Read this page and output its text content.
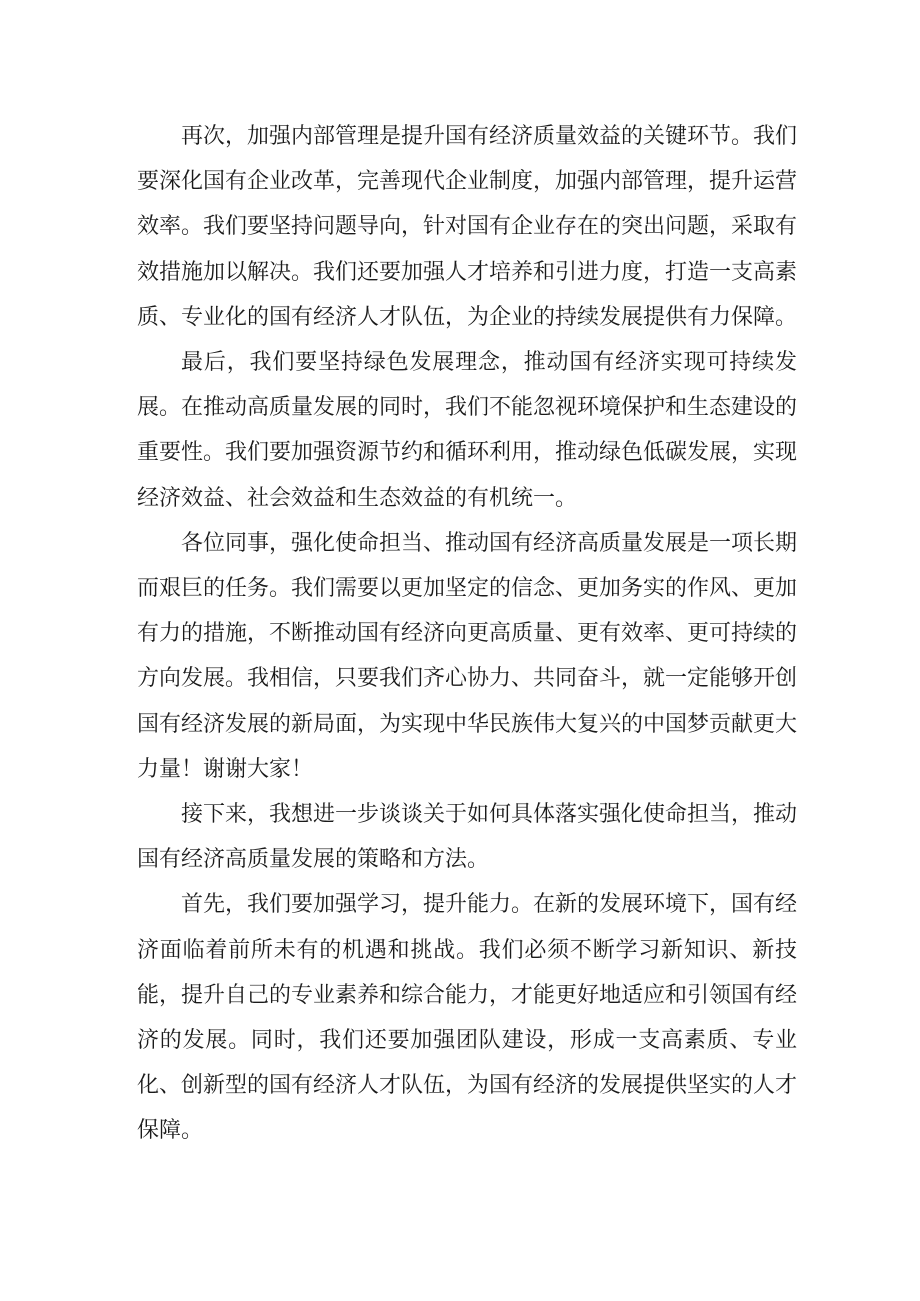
再次，加强内部管理是提升国有经济质量效益的关键环节。我们要深化国有企业改革，完善现代企业制度，加强内部管理，提升运营效率。我们要坚持问题导向，针对国有企业存在的突出问题，采取有效措施加以解决。我们还要加强人才培养和引进力度，打造一支高素质、专业化的国有经济人才队伍，为企业的持续发展提供有力保障。

最后，我们要坚持绿色发展理念，推动国有经济实现可持续发展。在推动高质量发展的同时，我们不能忽视环境保护和生态建设的重要性。我们要加强资源节约和循环利用，推动绿色低碳发展，实现经济效益、社会效益和生态效益的有机统一。

各位同事，强化使命担当、推动国有经济高质量发展是一项长期而艰巨的任务。我们需要以更加坚定的信念、更加务实的作风、更加有力的措施，不断推动国有经济向更高质量、更有效率、更可持续的方向发展。我相信，只要我们齐心协力、共同奋斗，就一定能够开创国有经济发展的新局面，为实现中华民族伟大复兴的中国梦贡献更大力量！谢谢大家！

接下来，我想进一步谈谈关于如何具体落实强化使命担当，推动国有经济高质量发展的策略和方法。

首先，我们要加强学习，提升能力。在新的发展环境下，国有经济面临着前所未有的机遇和挑战。我们必须不断学习新知识、新技能，提升自己的专业素养和综合能力，才能更好地适应和引领国有经济的发展。同时，我们还要加强团队建设，形成一支高素质、专业化、创新型的国有经济人才队伍，为国有经济的发展提供坚实的人才保障。
